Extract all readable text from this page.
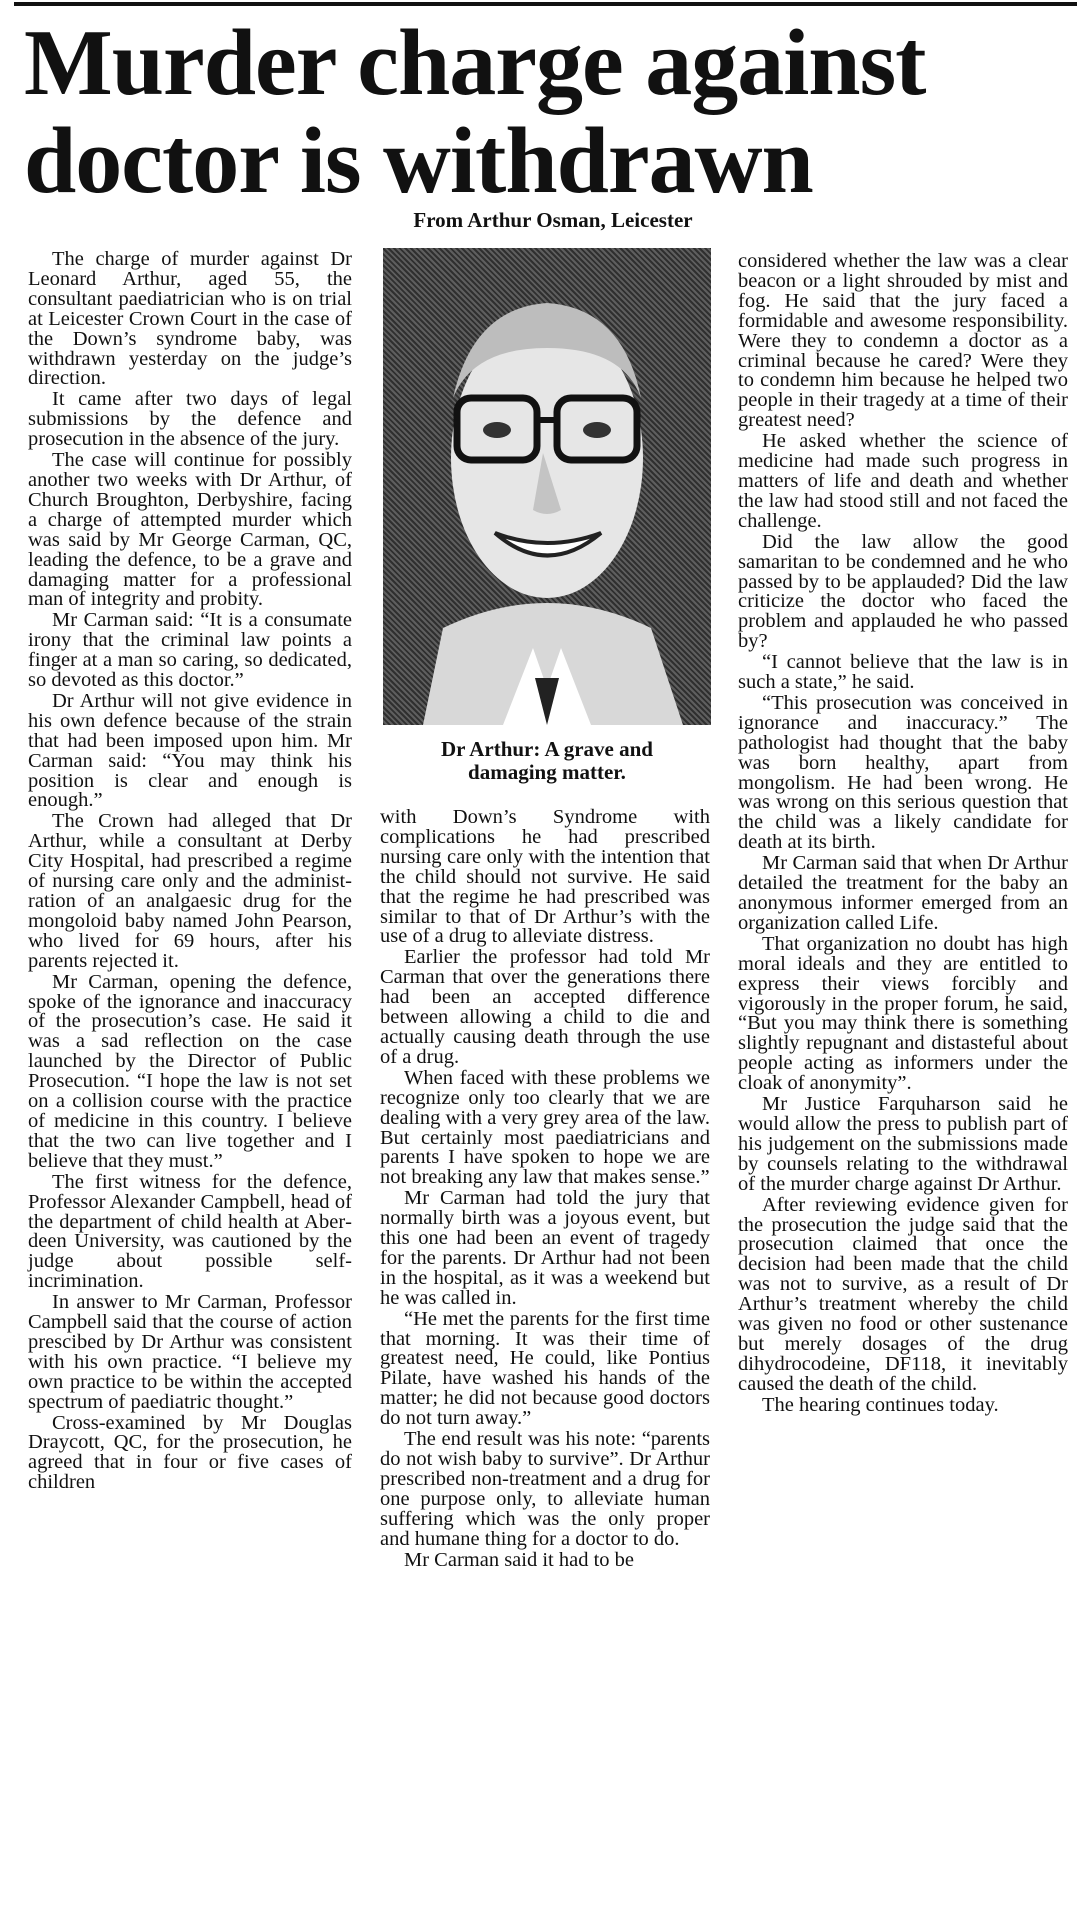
Murder charge against
doctor is withdrawn

From Arthur Osman, Leicester

The charge of murder against Dr Leonard Arthur, aged 55, the consultant paediatrician who is on trial at Leicester Crown Court in the case of the Down’s syndrome baby, was withdrawn yesterday on the judge’s direction.

It came after two days of legal submissions by the defence and prosecution in the absence of the jury.

The case will continue for possibly another two weeks with Dr Arthur, of Church Broughton, Derbyshire, facing a charge of attempted murder which was said by Mr George Carman, QC, leading the defence, to be a grave and damaging matter for a professional man of integrity and probity.

Mr Carman said: “It is a consumate irony that the criminal law points a finger at a man so caring, so dedicated, so devoted as this doctor.”

Dr Arthur will not give evidence in his own defence because of the strain that had been imposed upon him. Mr Carman said: “You may think his position is clear and enough is enough.”

The Crown had alleged that Dr Arthur, while a consultant at Derby City Hospital, had prescribed a regime of nursing care only and the administration of an analgaesic drug for the mongoloid baby named John Pearson, who lived for 69 hours, after his parents rejected it.

Mr Carman, opening the defence, spoke of the ignorance and inaccuracy of the prosecution’s case. He said it was a sad reflection on the case launched by the Director of Public Prosecution. “I hope the law is not set on a collision course with the practice of medicine in this country. I believe that the two can live together and I believe that they must.”

The first witness for the defence, Professor Alexander Campbell, head of the department of child health at Aberdeen University, was cautioned by the judge about possible self-incrimination.

In answer to Mr Carman, Professor Campbell said that the course of action prescibed by Dr Arthur was consistent with his own practice. “I believe my own practice to be within the accepted spectrum of paediatric thought.”

Cross-examined by Mr Douglas Draycott, QC, for the prosecution, he agreed that in four or five cases of children

Dr Arthur: A grave and
damaging matter.

with Down’s Syndrome with complications he had prescribed nursing care only with the intention that the child should not survive. He said that the regime he had prescribed was similar to that of Dr Arthur’s with the use of a drug to alleviate distress.

Earlier the professor had told Mr Carman that over the generations there had been an accepted difference between allowing a child to die and actually causing death through the use of a drug.

When faced with these problems we recognize only too clearly that we are dealing with a very grey area of the law. But certainly most paediatricians and parents I have spoken to hope we are not breaking any law that makes sense.”

Mr Carman had told the jury that normally birth was a joyous event, but this one had been an event of tragedy for the parents. Dr Arthur had not been in the hospital, as it was a weekend but he was called in.

“He met the parents for the first time that morning. It was their time of greatest need, He could, like Pontius Pilate, have washed his hands of the matter; he did not because good doctors do not turn away.”

The end result was his note: “parents do not wish baby to survive”. Dr Arthur prescribed non-treatment and a drug for one purpose only, to alleviate human suffering which was the only proper and humane thing for a doctor to do.

Mr Carman said it had to be

considered whether the law was a clear beacon or a light shrouded by mist and fog. He said that the jury faced a formidable and awesome responsibility. Were they to condemn a doctor as a criminal because he cared? Were they to condemn him because he helped two people in their tragedy at a time of their greatest need?

He asked whether the science of medicine had made such progress in matters of life and death and whether the law had stood still and not faced the challenge.

Did the law allow the good samaritan to be condemned and he who passed by to be applauded? Did the law criticize the doctor who faced the problem and applauded he who passed by?

“I cannot believe that the law is in such a state,” he said.

“This prosecution was conceived in ignorance and inaccuracy.” The pathologist had thought that the baby was born healthy, apart from mongolism. He had been wrong. He was wrong on this serious question that the child was a likely candidate for death at its birth.

Mr Carman said that when Dr Arthur detailed the treatment for the baby an anonymous informer emerged from an organization called Life.

That organization no doubt has high moral ideals and they are entitled to express their views forcibly and vigorously in the proper forum, he said, “But you may think there is something slightly repugnant and distasteful about people acting as informers under the cloak of anonymity”.

Mr Justice Farquharson said he would allow the press to publish part of his judgement on the submissions made by counsels relating to the withdrawal of the murder charge against Dr Arthur.

After reviewing evidence given for the prosecution the judge said that the prosecution claimed that once the decision had been made that the child was not to survive, as a result of Dr Arthur’s treatment whereby the child was given no food or other sustenance but merely dosages of the drug dihydrocodeine, DF118, it inevitably caused the death of the child.

The hearing continues today.
